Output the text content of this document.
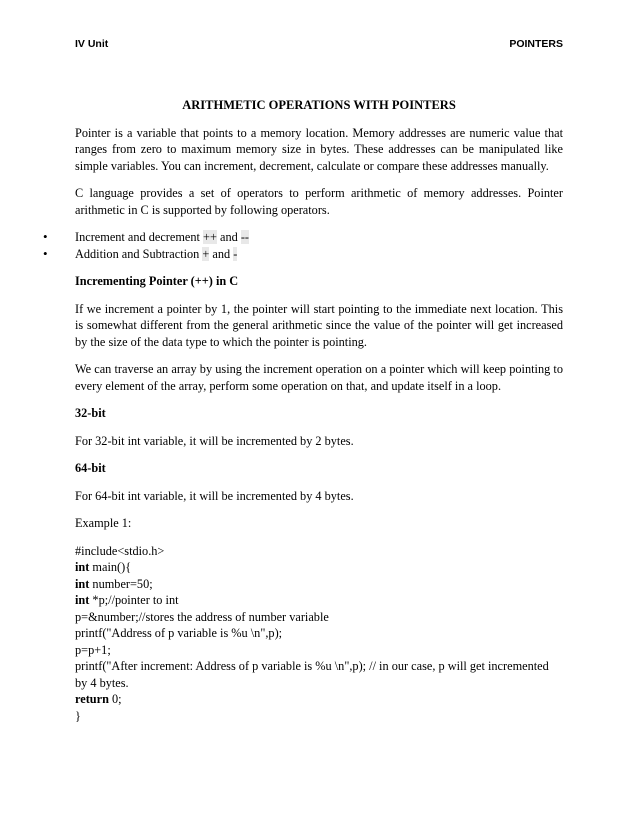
IV Unit	POINTERS
ARITHMETIC OPERATIONS WITH POINTERS

Pointer is a variable that points to a memory location. Memory addresses are numeric value that ranges from zero to maximum memory size in bytes. These addresses can be manipulated like simple variables. You can increment, decrement, calculate or compare these addresses manually.

C language provides a set of operators to perform arithmetic of memory addresses. Pointer arithmetic in C is supported by following operators.

• Increment and decrement ++ and --
• Addition and Subtraction + and -
Incrementing Pointer (++) in C

If we increment a pointer by 1, the pointer will start pointing to the immediate next location. This is somewhat different from the general arithmetic since the value of the pointer will get increased by the size of the data type to which the pointer is pointing.

We can traverse an array by using the increment operation on a pointer which will keep pointing to every element of the array, perform some operation on that, and update itself in a loop.

32-bit

For 32-bit int variable, it will be incremented by 2 bytes.

64-bit

For 64-bit int variable, it will be incremented by 4 bytes.

Example 1:

#include<stdio.h>
int main(){
int number=50;
int *p;//pointer to int
p=&number;//stores the address of number variable
printf("Address of p variable is %u \n",p);
p=p+1;
printf("After increment: Address of p variable is %u \n",p); // in our case, p will get incremented by 4 bytes.
return 0;
}
